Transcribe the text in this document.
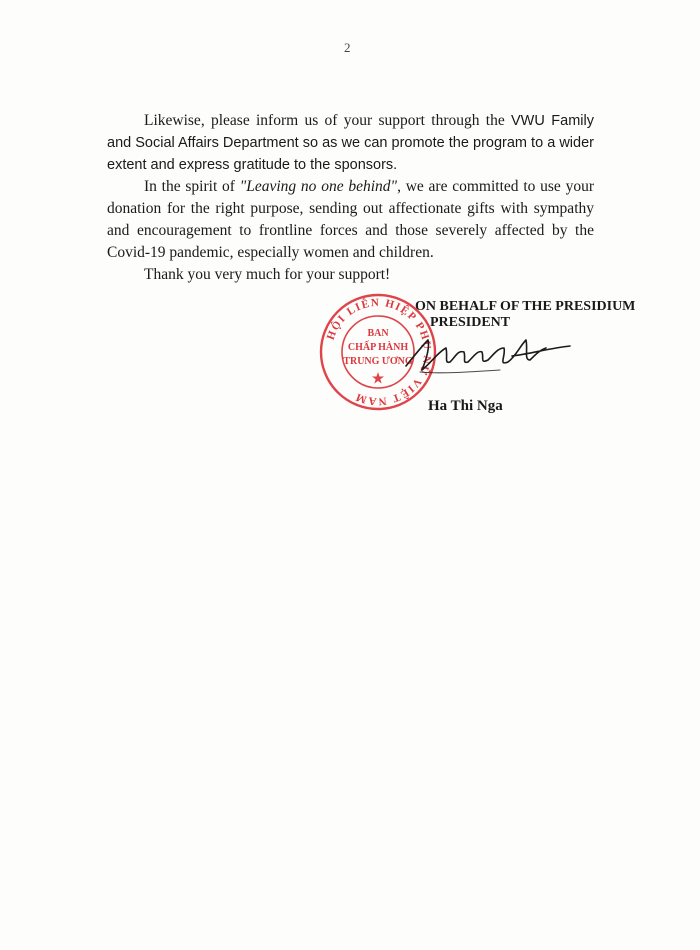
2

Likewise, please inform us of your support through the VWU Family and Social Affairs Department so as we can promote the program to a wider extent and express gratitude to the sponsors.

In the spirit of "Leaving no one behind", we are committed to use your donation for the right purpose, sending out affectionate gifts with sympathy and encouragement to frontline forces and those severely affected by the Covid-19 pandemic, especially women and children.

Thank you very much for your support!

HỘI LIÊN HIỆP PHỤ NỮ VIỆT NAM
BAN
CHẤP HÀNH
TRUNG ƯƠNG
ON BEHALF OF THE PRESIDIUM
PRESIDENT
Ha Thi Nga
